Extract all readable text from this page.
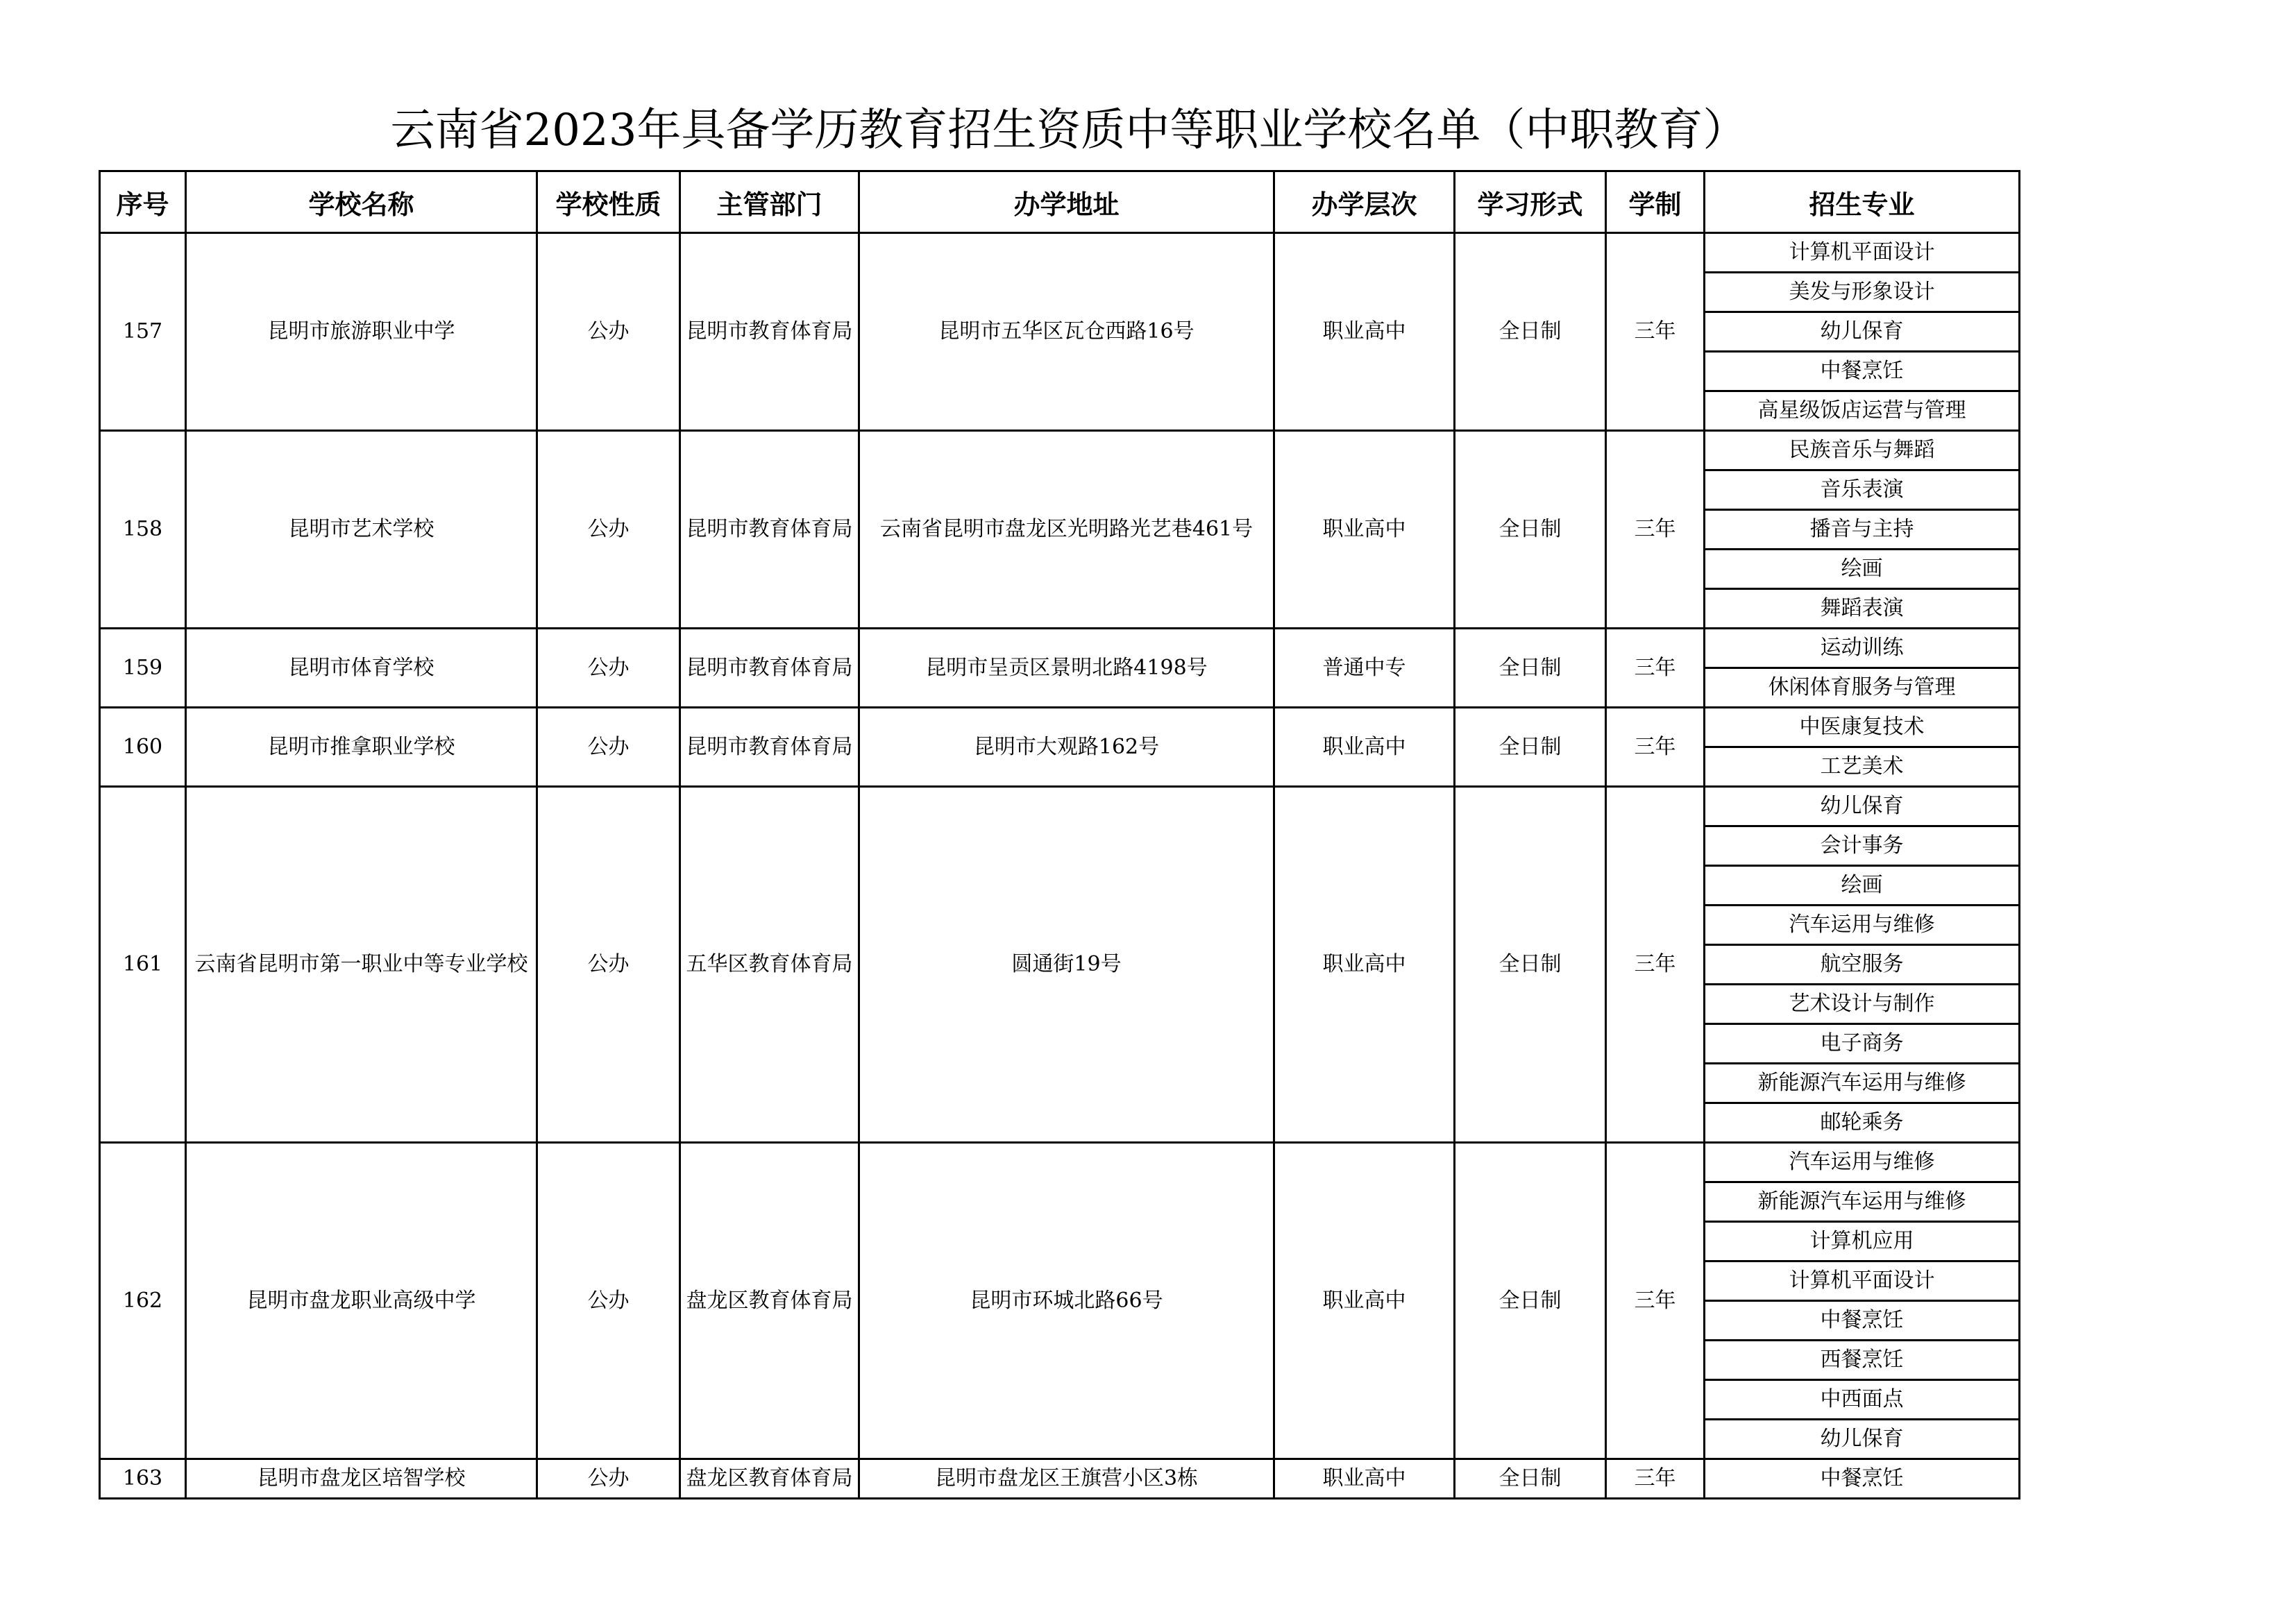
云南省2023年具备学历教育招生资质中等职业学校名单（中职教育）
序号	学校名称	学校性质	主管部门	办学地址	办学层次	学习形式	学制	招生专业
157	昆明市旅游职业中学	公办	昆明市教育体育局	昆明市五华区瓦仓西路16号	职业高中	全日制	三年	计算机平面设计
								美发与形象设计
								幼儿保育
								中餐烹饪
								高星级饭店运营与管理
158	昆明市艺术学校	公办	昆明市教育体育局	云南省昆明市盘龙区光明路光艺巷461号	职业高中	全日制	三年	民族音乐与舞蹈
								音乐表演
								播音与主持
								绘画
								舞蹈表演
159	昆明市体育学校	公办	昆明市教育体育局	昆明市呈贡区景明北路4198号	普通中专	全日制	三年	运动训练
								休闲体育服务与管理
160	昆明市推拿职业学校	公办	昆明市教育体育局	昆明市大观路162号	职业高中	全日制	三年	中医康复技术
								工艺美术
161	云南省昆明市第一职业中等专业学校	公办	五华区教育体育局	圆通街19号	职业高中	全日制	三年	幼儿保育
								会计事务
								绘画
								汽车运用与维修
								航空服务
								艺术设计与制作
								电子商务
								新能源汽车运用与维修
								邮轮乘务
162	昆明市盘龙职业高级中学	公办	盘龙区教育体育局	昆明市环城北路66号	职业高中	全日制	三年	汽车运用与维修
								新能源汽车运用与维修
								计算机应用
								计算机平面设计
								中餐烹饪
								西餐烹饪
								中西面点
								幼儿保育
163	昆明市盘龙区培智学校	公办	盘龙区教育体育局	昆明市盘龙区王旗营小区3栋	职业高中	全日制	三年	中餐烹饪
